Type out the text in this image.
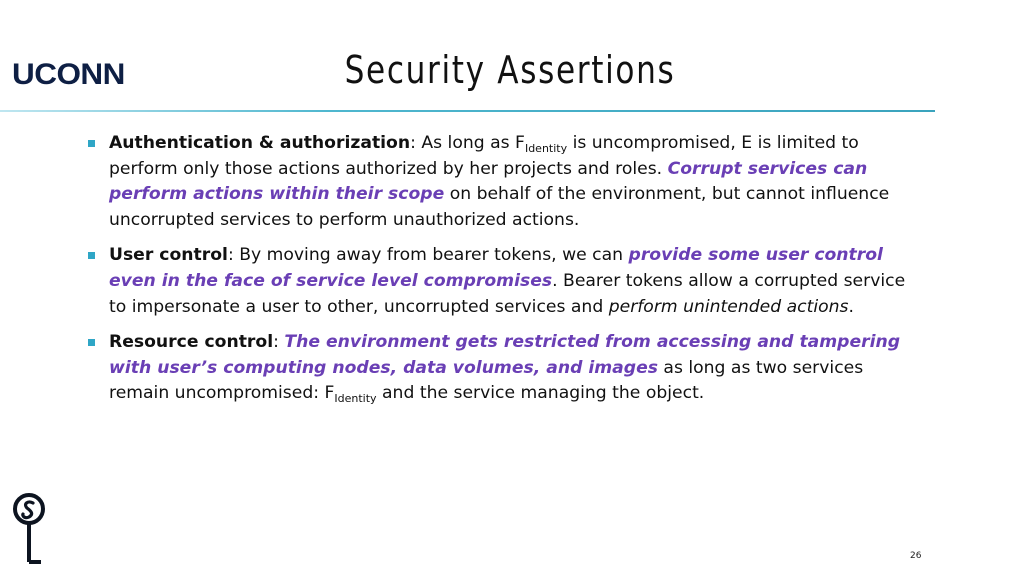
UCONN	Security Assertions
Authentication & authorization: As long as $F_{Identity}$ is uncompromised, E is limited to perform only those actions authorized by her projects and roles. Corrupt services can perform actions within their scope on behalf of the environment, but cannot influence uncorrupted services to perform unauthorized actions.
User control: By moving away from bearer tokens, we can provide some user control even in the face of service level compromises. Bearer tokens allow a corrupted service to impersonate a user to other, uncorrupted services and perform unintended actions.
Resource control: The environment gets restricted from accessing and tampering with user’s computing nodes, data volumes, and images as long as two services remain uncompromised: $F_{Identity}$ and the service managing the object.
26
